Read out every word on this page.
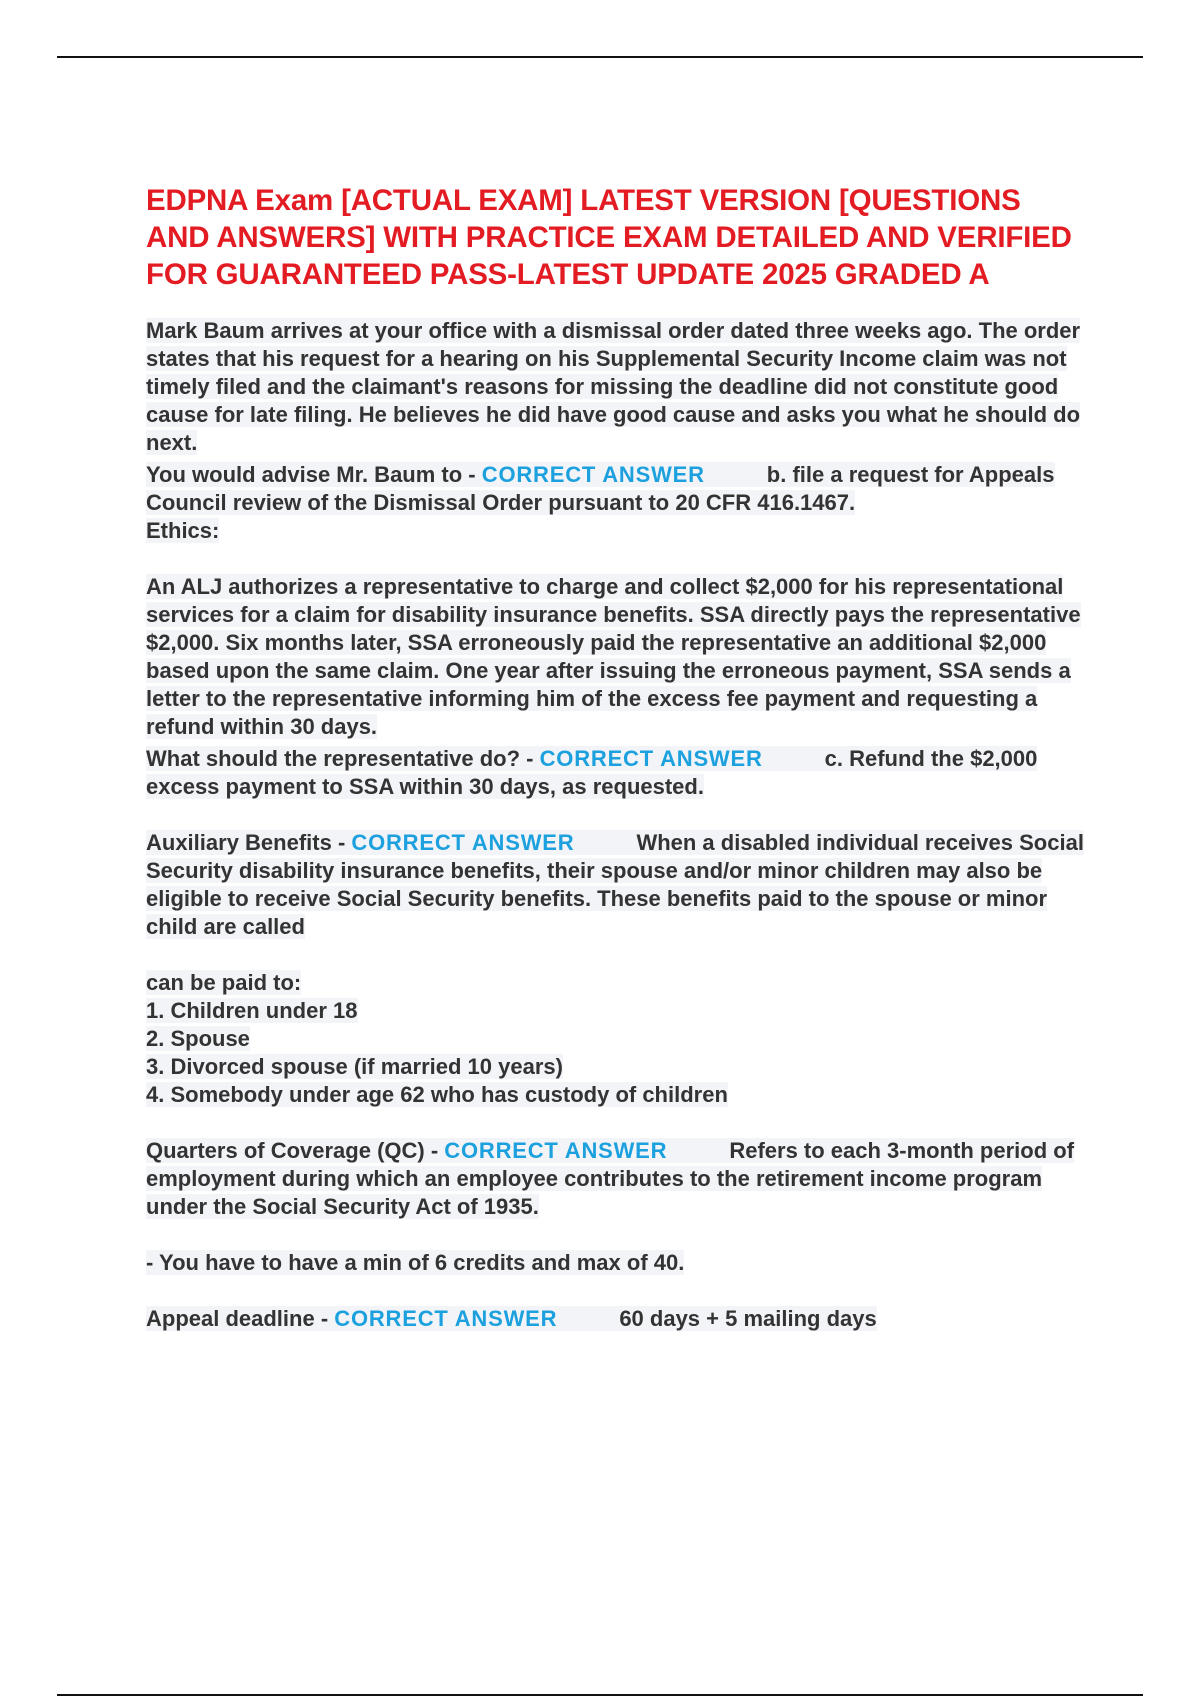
EDPNA Exam [ACTUAL EXAM] LATEST VERSION [QUESTIONS AND ANSWERS] WITH PRACTICE EXAM DETAILED AND VERIFIED FOR GUARANTEED PASS-LATEST UPDATE 2025 GRADED A

Mark Baum arrives at your office with a dismissal order dated three weeks ago. The order states that his request for a hearing on his Supplemental Security Income claim was not timely filed and the claimant's reasons for missing the deadline did not constitute good cause for late filing. He believes he did have good cause and asks you what he should do next.

You would advise Mr. Baum to - CORRECT ANSWER	b. file a request for Appeals Council review of the Dismissal Order pursuant to 20 CFR 416.1467.
Ethics:

An ALJ authorizes a representative to charge and collect $2,000 for his representational services for a claim for disability insurance benefits. SSA directly pays the representative $2,000. Six months later, SSA erroneously paid the representative an additional $2,000 based upon the same claim. One year after issuing the erroneous payment, SSA sends a letter to the representative informing him of the excess fee payment and requesting a refund within 30 days.

What should the representative do? - CORRECT ANSWER	c. Refund the $2,000 excess payment to SSA within 30 days, as requested.

Auxiliary Benefits - CORRECT ANSWER	When a disabled individual receives Social Security disability insurance benefits, their spouse and/or minor children may also be eligible to receive Social Security benefits. These benefits paid to the spouse or minor child are called

can be paid to:
1. Children under 18
2. Spouse
3. Divorced spouse (if married 10 years)
4. Somebody under age 62 who has custody of children

Quarters of Coverage (QC) - CORRECT ANSWER	Refers to each 3-month period of employment during which an employee contributes to the retirement income program under the Social Security Act of 1935.

- You have to have a min of 6 credits and max of 40.

Appeal deadline - CORRECT ANSWER	60 days + 5 mailing days
